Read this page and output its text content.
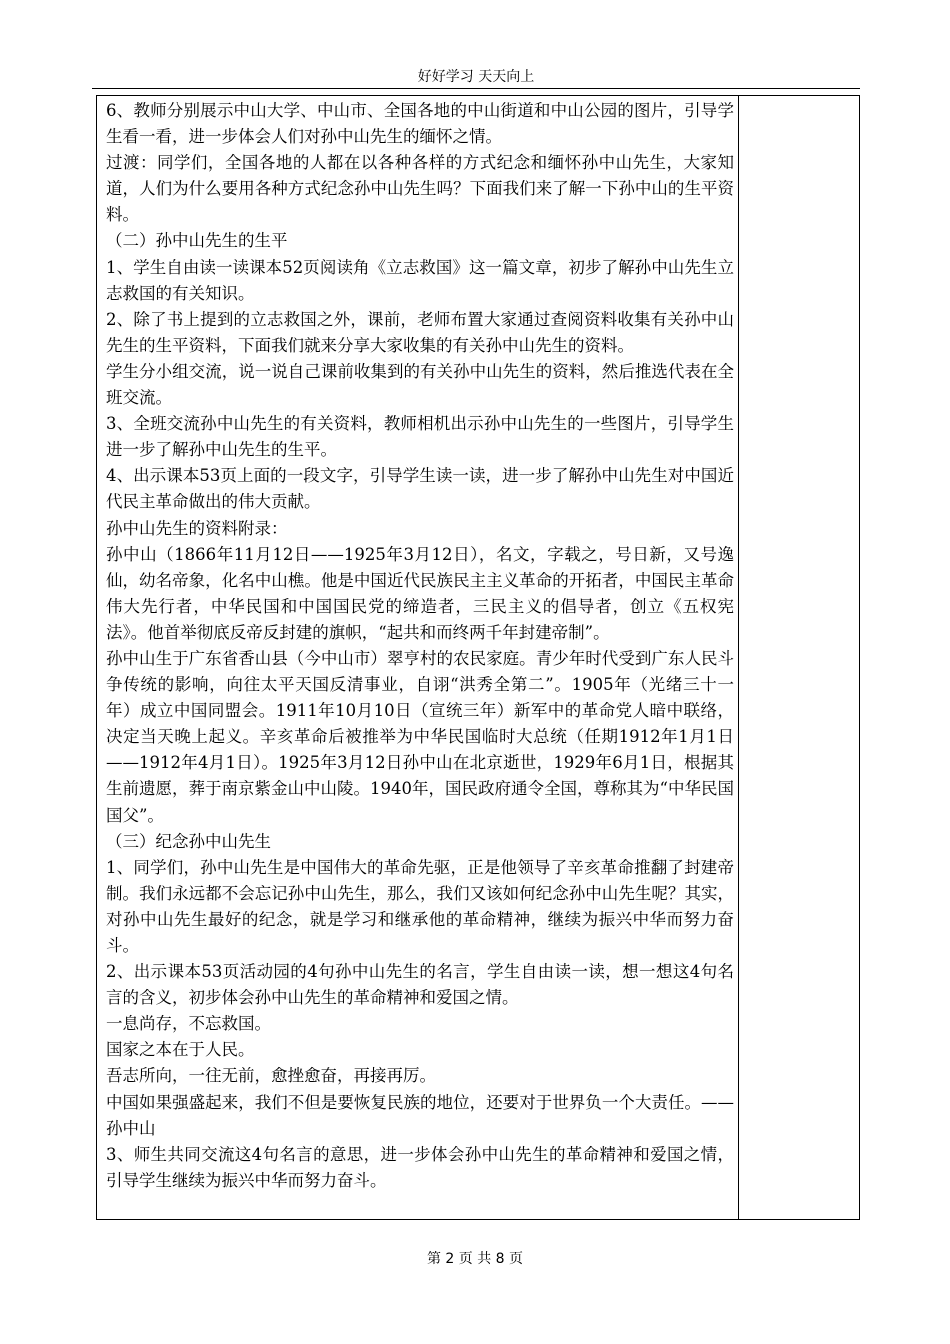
好好学习 天天向上

6、教师分别展示中山大学、中山市、全国各地的中山街道和中山公园的图片，引导学生看一看，进一步体会人们对孙中山先生的缅怀之情。

过渡：同学们，全国各地的人都在以各种各样的方式纪念和缅怀孙中山先生，大家知道，人们为什么要用各种方式纪念孙中山先生吗？下面我们来了解一下孙中山的生平资料。

（二）孙中山先生的生平

1、学生自由读一读课本52页阅读角《立志救国》这一篇文章，初步了解孙中山先生立志救国的有关知识。

2、除了书上提到的立志救国之外，课前，老师布置大家通过查阅资料收集有关孙中山先生的生平资料，下面我们就来分享大家收集的有关孙中山先生的资料。

学生分小组交流，说一说自己课前收集到的有关孙中山先生的资料，然后推选代表在全班交流。

3、全班交流孙中山先生的有关资料，教师相机出示孙中山先生的一些图片，引导学生进一步了解孙中山先生的生平。

4、出示课本53页上面的一段文字，引导学生读一读，进一步了解孙中山先生对中国近代民主革命做出的伟大贡献。

孙中山先生的资料附录：

孙中山（1866年11月12日——1925年3月12日），名文，字载之，号日新，又号逸仙，幼名帝象，化名中山樵。他是中国近代民族民主主义革命的开拓者，中国民主革命伟大先行者，中华民国和中国国民党的缔造者，三民主义的倡导者，创立《五权宪法》。他首举彻底反帝反封建的旗帜，“起共和而终两千年封建帝制”。

孙中山生于广东省香山县（今中山市）翠亨村的农民家庭。青少年时代受到广东人民斗争传统的影响，向往太平天国反清事业，自诩“洪秀全第二”。1905年（光绪三十一年）成立中国同盟会。1911年10月10日（宣统三年）新军中的革命党人暗中联络，决定当天晚上起义。辛亥革命后被推举为中华民国临时大总统（任期1912年1月1日——1912年4月1日）。1925年3月12日孙中山在北京逝世，1929年6月1日，根据其生前遗愿，葬于南京紫金山中山陵。1940年，国民政府通令全国，尊称其为“中华民国国父”。

（三）纪念孙中山先生

1、同学们，孙中山先生是中国伟大的革命先驱，正是他领导了辛亥革命推翻了封建帝制。我们永远都不会忘记孙中山先生，那么，我们又该如何纪念孙中山先生呢？其实，对孙中山先生最好的纪念，就是学习和继承他的革命精神，继续为振兴中华而努力奋斗。

2、出示课本53页活动园的4句孙中山先生的名言，学生自由读一读，想一想这4句名言的含义，初步体会孙中山先生的革命精神和爱国之情。

一息尚存，不忘救国。

国家之本在于人民。

吾志所向，一往无前，愈挫愈奋，再接再厉。

中国如果强盛起来，我们不但是要恢复民族的地位，还要对于世界负一个大责任。——孙中山

3、师生共同交流这4句名言的意思，进一步体会孙中山先生的革命精神和爱国之情，引导学生继续为振兴中华而努力奋斗。

第 2 页 共 8 页
